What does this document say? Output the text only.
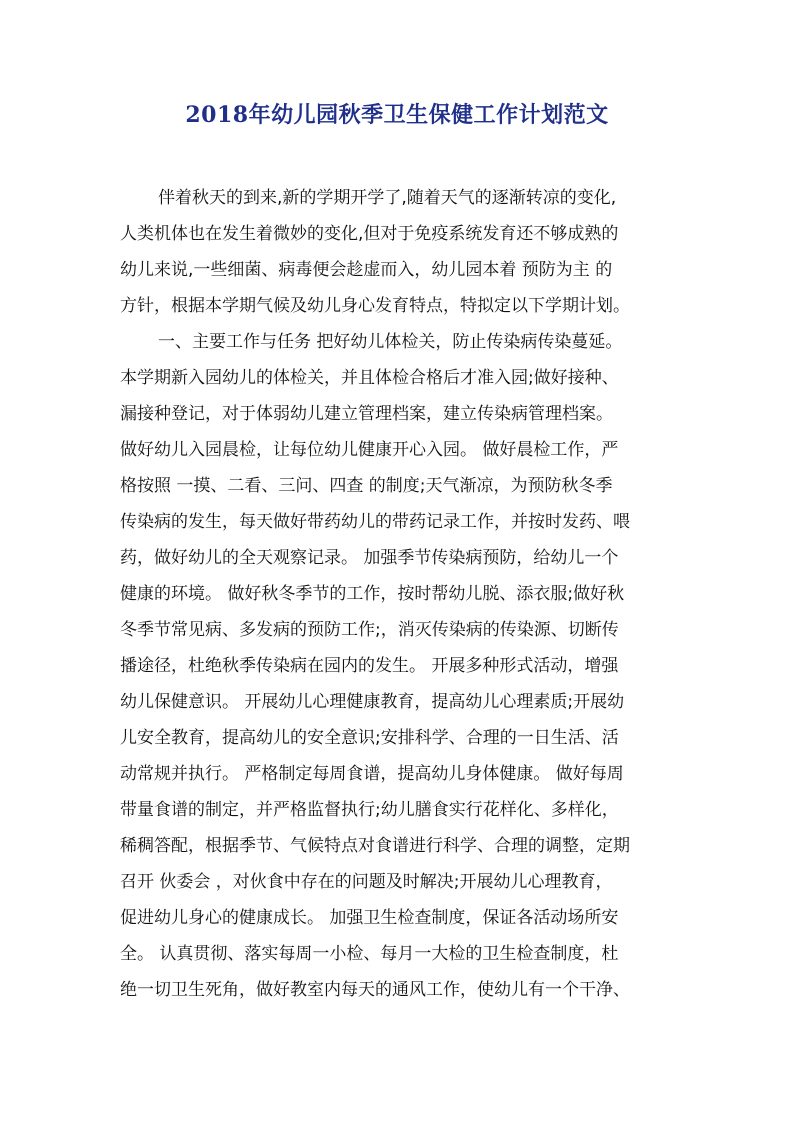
2018年幼儿园秋季卫生保健工作计划范文
伴着秋天的到来,新的学期开学了,随着天气的逐渐转凉的变化,
人类机体也在发生着微妙的变化,但对于免疫系统发育还不够成熟的
幼儿来说,一些细菌、病毒便会趁虚而入，幼儿园本着 预防为主 的
方针，根据本学期气候及幼儿身心发育特点，特拟定以下学期计划。
一、主要工作与任务 把好幼儿体检关，防止传染病传染蔓延。
本学期新入园幼儿的体检关，并且体检合格后才准入园;做好接种、
漏接种登记，对于体弱幼儿建立管理档案，建立传染病管理档案。
做好幼儿入园晨检，让每位幼儿健康开心入园。 做好晨检工作，严
格按照 一摸、二看、三问、四查 的制度;天气渐凉，为预防秋冬季
传染病的发生，每天做好带药幼儿的带药记录工作，并按时发药、喂
药，做好幼儿的全天观察记录。 加强季节传染病预防，给幼儿一个
健康的环境。 做好秋冬季节的工作，按时帮幼儿脱、添衣服;做好秋
冬季节常见病、多发病的预防工作;，消灭传染病的传染源、切断传
播途径，杜绝秋季传染病在园内的发生。 开展多种形式活动，增强
幼儿保健意识。 开展幼儿心理健康教育，提高幼儿心理素质;开展幼
儿安全教育，提高幼儿的安全意识;安排科学、合理的一日生活、活
动常规并执行。 严格制定每周食谱，提高幼儿身体健康。 做好每周
带量食谱的制定，并严格监督执行;幼儿膳食实行花样化、多样化，
稀稠答配，根据季节、气候特点对食谱进行科学、合理的调整，定期
召开 伙委会 ，对伙食中存在的问题及时解决;开展幼儿心理教育，
促进幼儿身心的健康成长。 加强卫生检查制度，保证各活动场所安
全。 认真贯彻、落实每周一小检、每月一大检的卫生检查制度，杜
绝一切卫生死角，做好教室内每天的通风工作，使幼儿有一个干净、
